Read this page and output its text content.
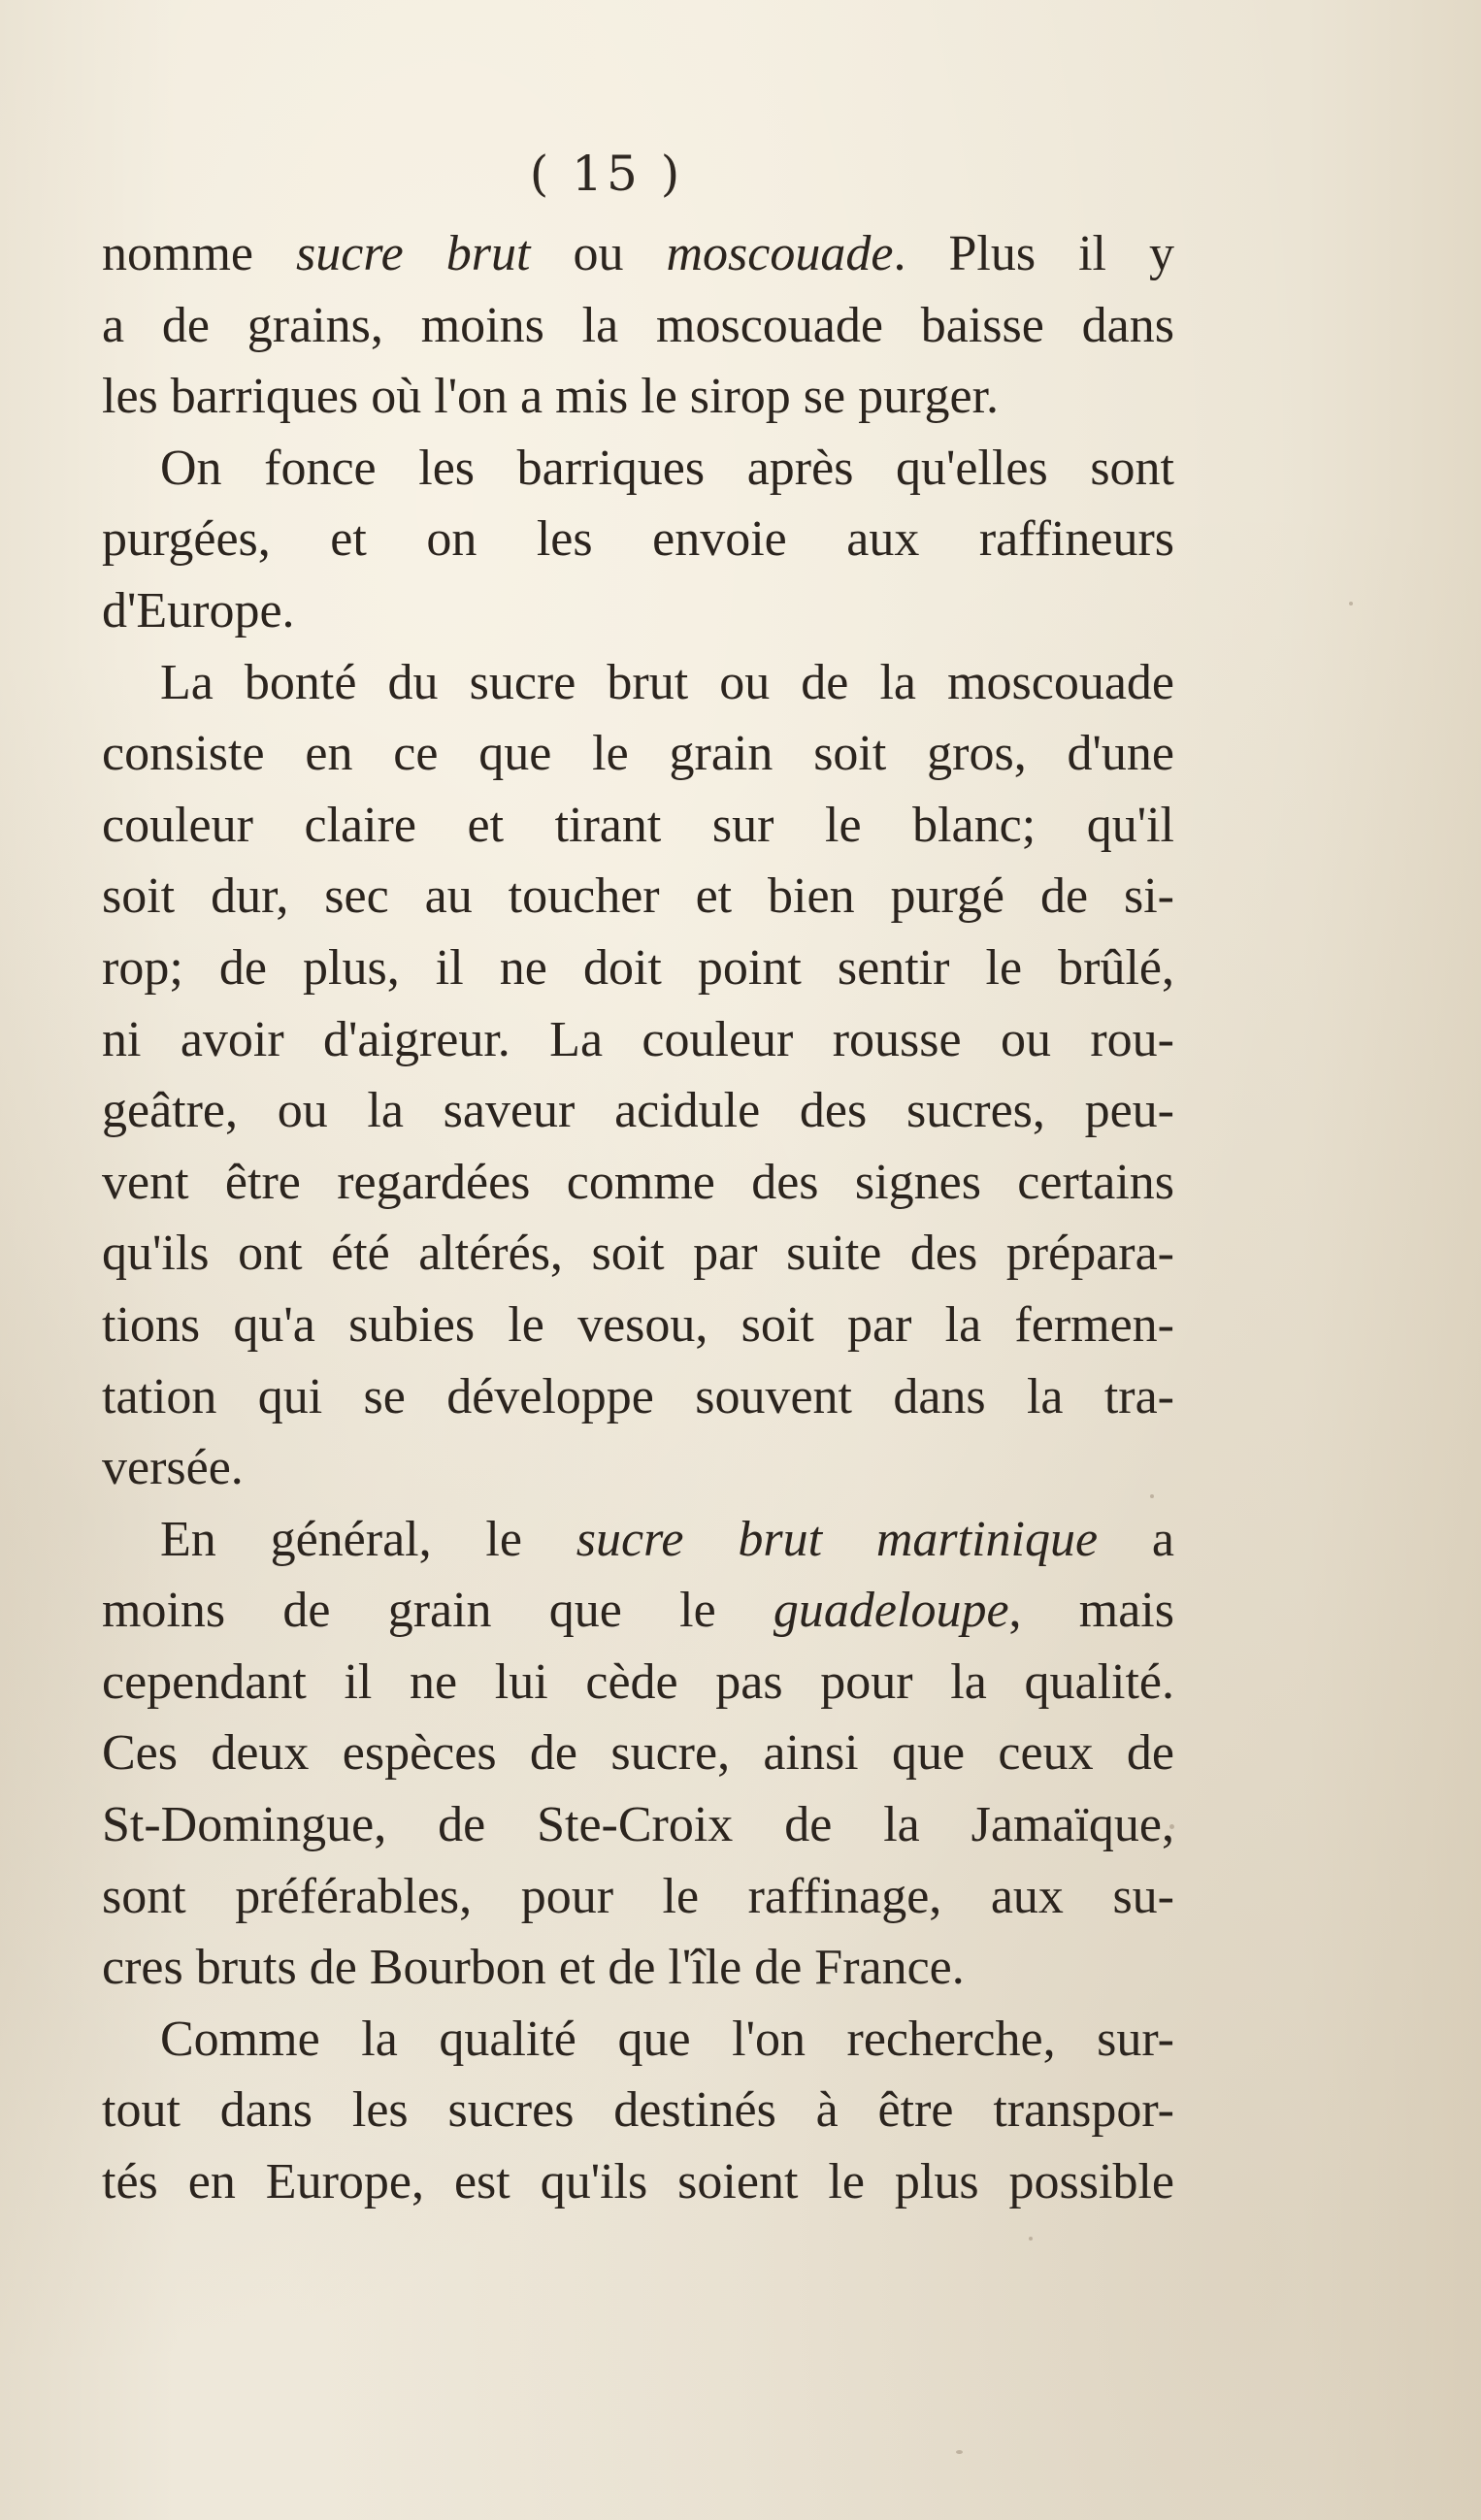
( 15 )
nomme sucre brut ou moscouade. Plus il y
a de grains, moins la moscouade baisse dans
les barriques où l'on a mis le sirop se purger.
On fonce les barriques après qu'elles sont
purgées, et on les envoie aux raffineurs
d'Europe.
La bonté du sucre brut ou de la moscouade
consiste en ce que le grain soit gros, d'une
couleur claire et tirant sur le blanc; qu'il
soit dur, sec au toucher et bien purgé de si-
rop; de plus, il ne doit point sentir le brûlé,
ni avoir d'aigreur. La couleur rousse ou rou-
geâtre, ou la saveur acidule des sucres, peu-
vent être regardées comme des signes certains
qu'ils ont été altérés, soit par suite des prépara-
tions qu'a subies le vesou, soit par la fermen-
tation qui se développe souvent dans la tra-
versée.
En général, le sucre brut martinique a
moins de grain que le guadeloupe, mais
cependant il ne lui cède pas pour la qualité.
Ces deux espèces de sucre, ainsi que ceux de
St-Domingue, de Ste-Croix de la Jamaïque,
sont préférables, pour le raffinage, aux su-
cres bruts de Bourbon et de l'île de France.
Comme la qualité que l'on recherche, sur-
tout dans les sucres destinés à être transpor-
tés en Europe, est qu'ils soient le plus possible
